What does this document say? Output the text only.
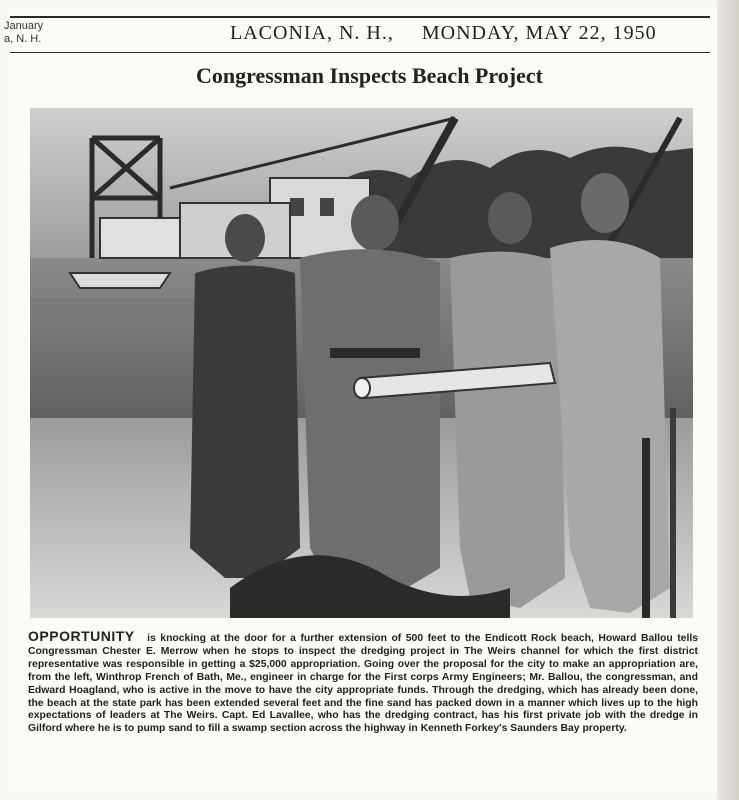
January
a, N. H.	LACONIA, N. H., MONDAY, MAY 22, 1950
Congressman Inspects Beach Project
OPPORTUNITY is knocking at the door for a further extension of 500 feet to the Endicott Rock beach, Howard Ballou tells Congressman Chester E. Merrow when he stops to inspect the dredging project in The Weirs channel for which the first district representative was responsible in getting a $25,000 appropriation. Going over the proposal for the city to make an appropriation are, from the left, Winthrop French of Bath, Me., engineer in charge for the First corps Army Engineers; Mr. Ballou, the congressman, and Edward Hoagland, who is active in the move to have the city appropriate funds. Through the dredging, which has already been done, the beach at the state park has been extended several feet and the fine sand has packed down in a manner which lives up to the high expectations of leaders at The Weirs. Capt. Ed Lavallee, who has the dredging contract, has his first private job with the dredge in Gilford where he is to pump sand to fill a swamp section across the highway in Kenneth Forkey's Saunders Bay property.
